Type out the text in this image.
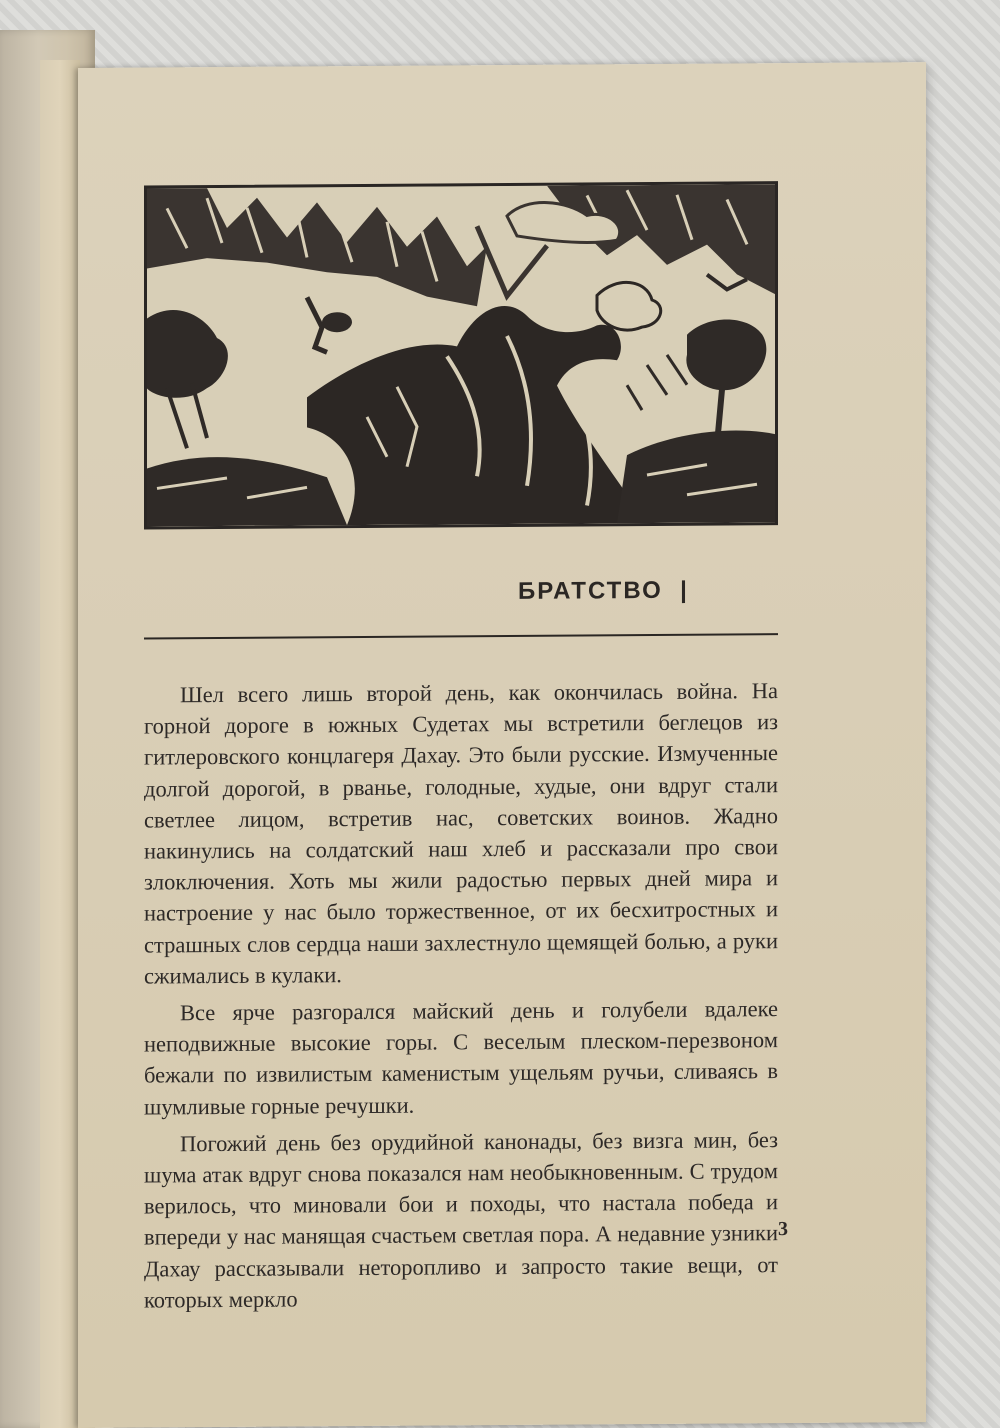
БРАТСТВО  |

Шел всего лишь второй день, как окончилась война. На горной дороге в южных Судетах мы встретили беглецов из гитлеровского концлагеря Дахау. Это были русские. Измученные долгой дорогой, в рванье, голодные, худые, они вдруг стали светлее лицом, встретив нас, советских воинов. Жадно накинулись на солдатский наш хлеб и рассказали про свои злоключения. Хоть мы жили радостью первых дней мира и настроение у нас было торжественное, от их бесхитростных и страшных слов сердца наши захлестнуло щемящей болью, а руки сжимались в кулаки.

Все ярче разгорался майский день и голубели вдалеке неподвижные высокие горы. С веселым плеском-перезвоном бежали по извилистым каменистым ущельям ручьи, сливаясь в шумливые горные речушки.

Погожий день без орудийной канонады, без визга мин, без шума атак вдруг снова показался нам необыкновенным. С трудом верилось, что миновали бои и походы, что настала победа и впереди у нас манящая счастьем светлая пора. А недавние узники Дахау рассказывали неторопливо и запросто такие вещи, от которых меркло

3
